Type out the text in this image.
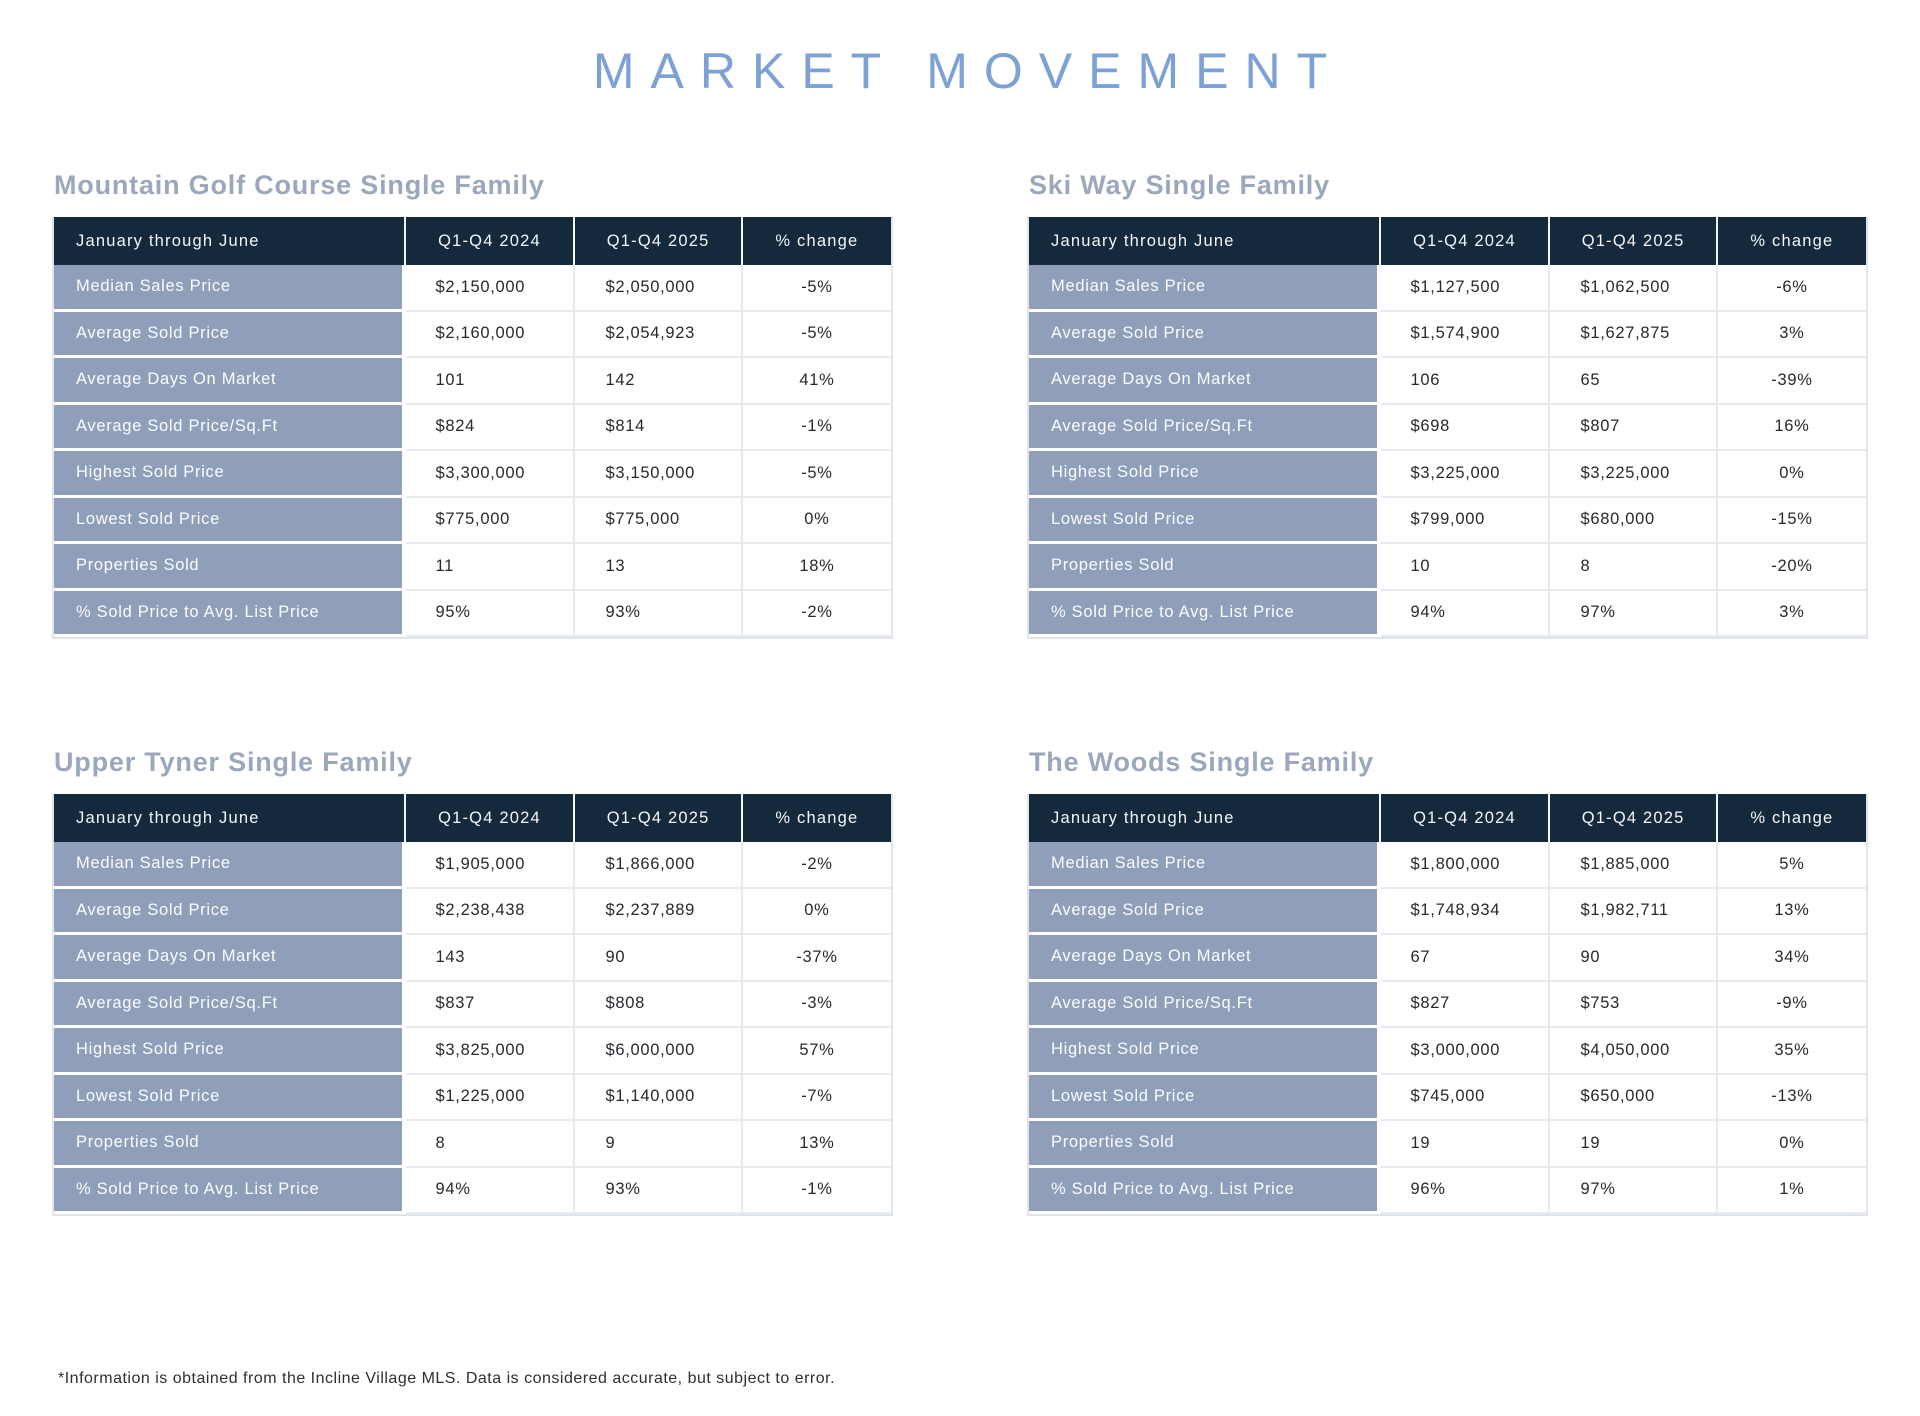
MARKET MOVEMENT
Mountain Golf Course Single Family
January through June	Q1-Q4 2024	Q1-Q4 2025	% change
Median Sales Price	$2,150,000	$2,050,000	-5%
Average Sold Price	$2,160,000	$2,054,923	-5%
Average Days On Market	101	142	41%
Average Sold Price/Sq.Ft	$824	$814	-1%
Highest Sold Price	$3,300,000	$3,150,000	-5%
Lowest Sold Price	$775,000	$775,000	0%
Properties Sold	11	13	18%
% Sold Price to Avg. List Price	95%	93%	-2%
Ski Way Single Family
January through June	Q1-Q4 2024	Q1-Q4 2025	% change
Median Sales Price	$1,127,500	$1,062,500	-6%
Average Sold Price	$1,574,900	$1,627,875	3%
Average Days On Market	106	65	-39%
Average Sold Price/Sq.Ft	$698	$807	16%
Highest Sold Price	$3,225,000	$3,225,000	0%
Lowest Sold Price	$799,000	$680,000	-15%
Properties Sold	10	8	-20%
% Sold Price to Avg. List Price	94%	97%	3%
Upper Tyner Single Family
January through June	Q1-Q4 2024	Q1-Q4 2025	% change
Median Sales Price	$1,905,000	$1,866,000	-2%
Average Sold Price	$2,238,438	$2,237,889	0%
Average Days On Market	143	90	-37%
Average Sold Price/Sq.Ft	$837	$808	-3%
Highest Sold Price	$3,825,000	$6,000,000	57%
Lowest Sold Price	$1,225,000	$1,140,000	-7%
Properties Sold	8	9	13%
% Sold Price to Avg. List Price	94%	93%	-1%
The Woods Single Family
January through June	Q1-Q4 2024	Q1-Q4 2025	% change
Median Sales Price	$1,800,000	$1,885,000	5%
Average Sold Price	$1,748,934	$1,982,711	13%
Average Days On Market	67	90	34%
Average Sold Price/Sq.Ft	$827	$753	-9%
Highest Sold Price	$3,000,000	$4,050,000	35%
Lowest Sold Price	$745,000	$650,000	-13%
Properties Sold	19	19	0%
% Sold Price to Avg. List Price	96%	97%	1%

*Information is obtained from the Incline Village MLS. Data is considered accurate, but subject to error.
